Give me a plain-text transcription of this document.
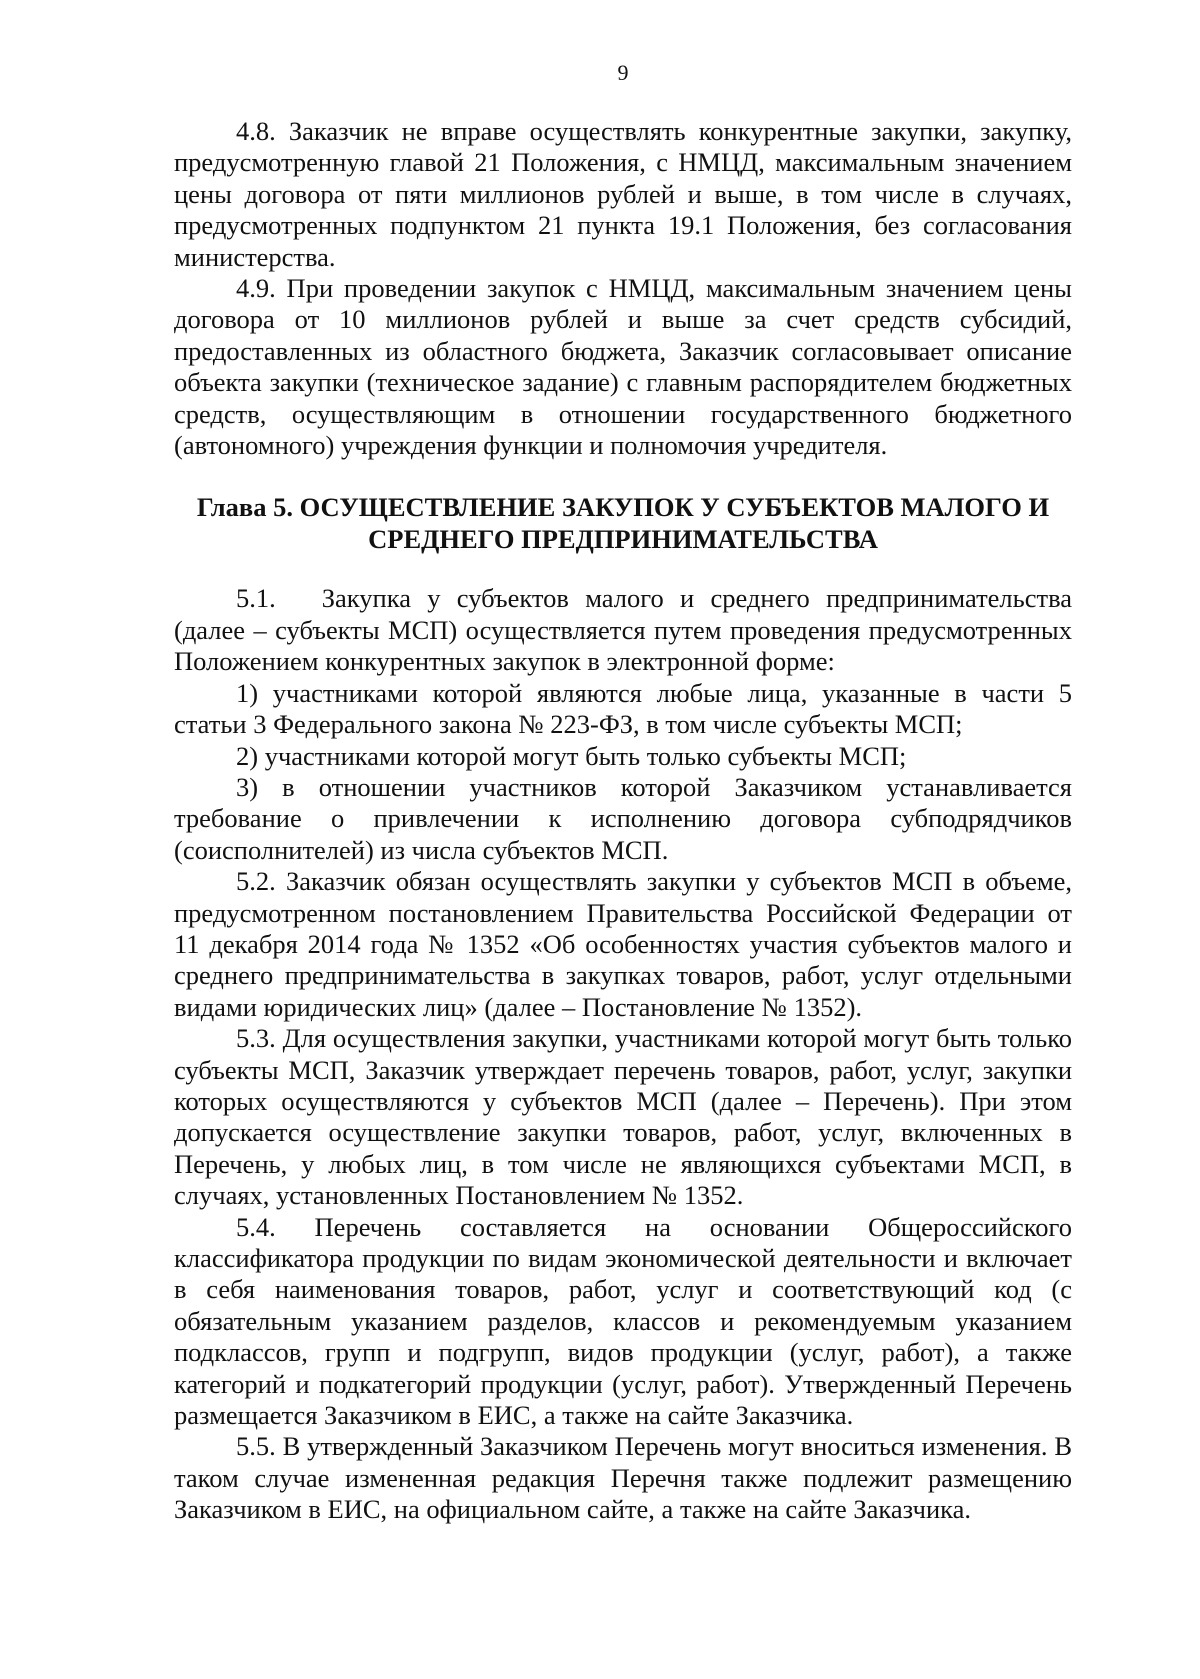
9

4.8. Заказчик не вправе осуществлять конкурентные закупки, закупку, предусмотренную главой 21 Положения, с НМЦД, максимальным значением цены договора от пяти миллионов рублей и выше, в том числе в случаях, предусмотренных подпунктом 21 пункта 19.1 Положения, без согласования министерства.

4.9. При проведении закупок с НМЦД, максимальным значением цены договора от 10 миллионов рублей и выше за счет средств субсидий, предоставленных из областного бюджета, Заказчик согласовывает описание объекта закупки (техническое задание) с главным распорядителем бюджетных средств, осуществляющим в отношении государственного бюджетного (автономного) учреждения функции и полномочия учредителя.

Глава 5. ОСУЩЕСТВЛЕНИЕ ЗАКУПОК У СУБЪЕКТОВ МАЛОГО И СРЕДНЕГО ПРЕДПРИНИМАТЕЛЬСТВА

5.1. Закупка у субъектов малого и среднего предпринимательства (далее – субъекты МСП) осуществляется путем проведения предусмотренных Положением конкурентных закупок в электронной форме:

1) участниками которой являются любые лица, указанные в части 5 статьи 3 Федерального закона № 223-ФЗ, в том числе субъекты МСП;

2) участниками которой могут быть только субъекты МСП;

3) в отношении участников которой Заказчиком устанавливается требование о привлечении к исполнению договора субподрядчиков (соисполнителей) из числа субъектов МСП.

5.2. Заказчик обязан осуществлять закупки у субъектов МСП в объеме, предусмотренном постановлением Правительства Российской Федерации от 11 декабря 2014 года № 1352 «Об особенностях участия субъектов малого и среднего предпринимательства в закупках товаров, работ, услуг отдельными видами юридических лиц» (далее – Постановление № 1352).

5.3. Для осуществления закупки, участниками которой могут быть только субъекты МСП, Заказчик утверждает перечень товаров, работ, услуг, закупки которых осуществляются у субъектов МСП (далее – Перечень). При этом допускается осуществление закупки товаров, работ, услуг, включенных в Перечень, у любых лиц, в том числе не являющихся субъектами МСП, в случаях, установленных Постановлением № 1352.

5.4. Перечень составляется на основании Общероссийского классификатора продукции по видам экономической деятельности и включает в себя наименования товаров, работ, услуг и соответствующий код (с обязательным указанием разделов, классов и рекомендуемым указанием подклассов, групп и подгрупп, видов продукции (услуг, работ), а также категорий и подкатегорий продукции (услуг, работ). Утвержденный Перечень размещается Заказчиком в ЕИС, а также на сайте Заказчика.

5.5. В утвержденный Заказчиком Перечень могут вноситься изменения. В таком случае измененная редакция Перечня также подлежит размещению Заказчиком в ЕИС, на официальном сайте, а также на сайте Заказчика.
